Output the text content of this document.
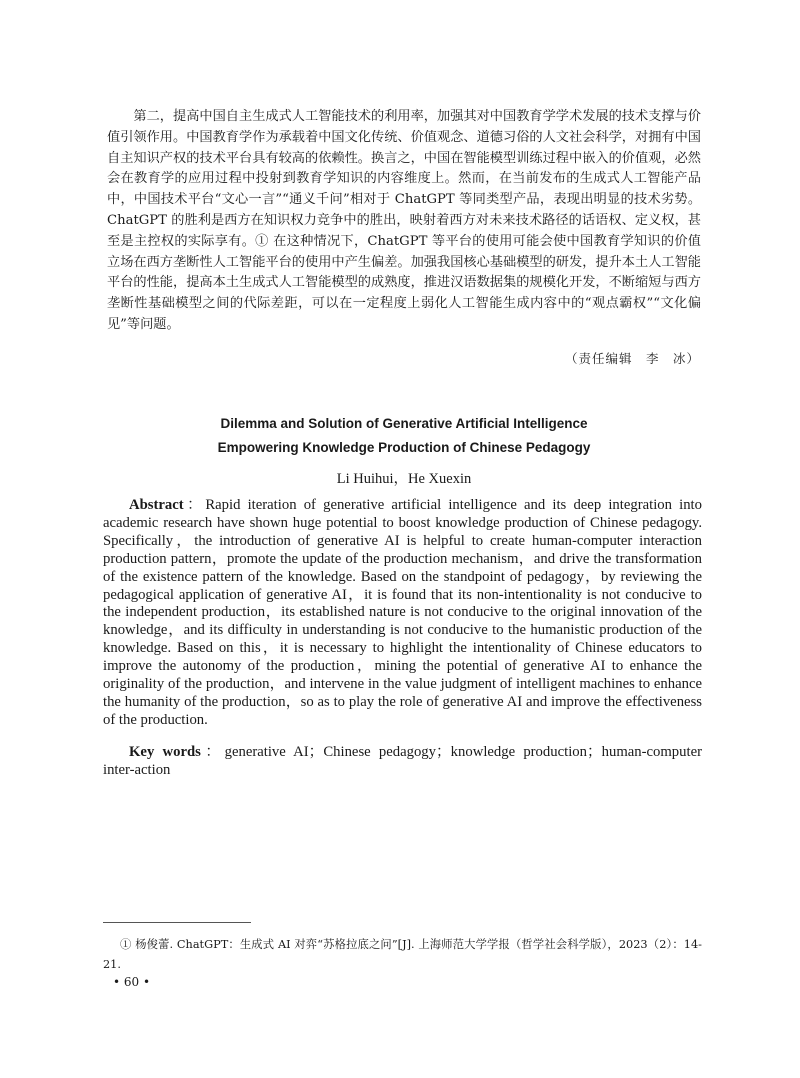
第二，提高中国自主生成式人工智能技术的利用率，加强其对中国教育学学术发展的技术支撑与价值引领作用。中国教育学作为承载着中国文化传统、价值观念、道德习俗的人文社会科学，对拥有中国自主知识产权的技术平台具有较高的依赖性。换言之，中国在智能模型训练过程中嵌入的价值观，必然会在教育学的应用过程中投射到教育学知识的内容维度上。然而，在当前发布的生成式人工智能产品中，中国技术平台“文心一言”“通义千问”相对于 ChatGPT 等同类型产品，表现出明显的技术劣势。ChatGPT 的胜利是西方在知识权力竞争中的胜出，映射着西方对未来技术路径的话语权、定义权，甚至是主控权的实际享有。① 在这种情况下，ChatGPT 等平台的使用可能会使中国教育学知识的价值立场在西方垄断性人工智能平台的使用中产生偏差。加强我国核心基础模型的研发，提升本土人工智能平台的性能，提高本土生成式人工智能模型的成熟度，推进汉语数据集的规模化开发，不断缩短与西方垄断性基础模型之间的代际差距，可以在一定程度上弱化人工智能生成内容中的“观点霸权”“文化偏见”等问题。

（责任编辑　李　冰）
Dilemma and Solution of Generative Artificial Intelligence
Empowering Knowledge Production of Chinese Pedagogy
Li Huihui，He Xuexin

Abstract：Rapid iteration of generative artificial intelligence and its deep integration into academic research have shown huge potential to boost knowledge production of Chinese pedagogy. Specifically，the introduction of generative AI is helpful to create human-computer interaction production pattern，promote the update of the production mechanism，and drive the transformation of the existence pattern of the knowledge. Based on the standpoint of pedagogy，by reviewing the pedagogical application of generative AI，it is found that its non-intentionality is not conducive to the independent production，its established nature is not conducive to the original innovation of the knowledge，and its difficulty in understanding is not conducive to the humanistic production of the knowledge. Based on this，it is necessary to highlight the intentionality of Chinese educators to improve the autonomy of the production，mining the potential of generative AI to enhance the originality of the production，and intervene in the value judgment of intelligent machines to enhance the humanity of the production，so as to play the role of generative AI and improve the effectiveness of the production.

Key words：generative AI；Chinese pedagogy；knowledge production；human-computer inter-action

① 杨俊蕾. ChatGPT：生成式 AI 对弈“苏格拉底之问”[J]. 上海师范大学学报（哲学社会科学版），2023（2）：14-21.

• 60 •
